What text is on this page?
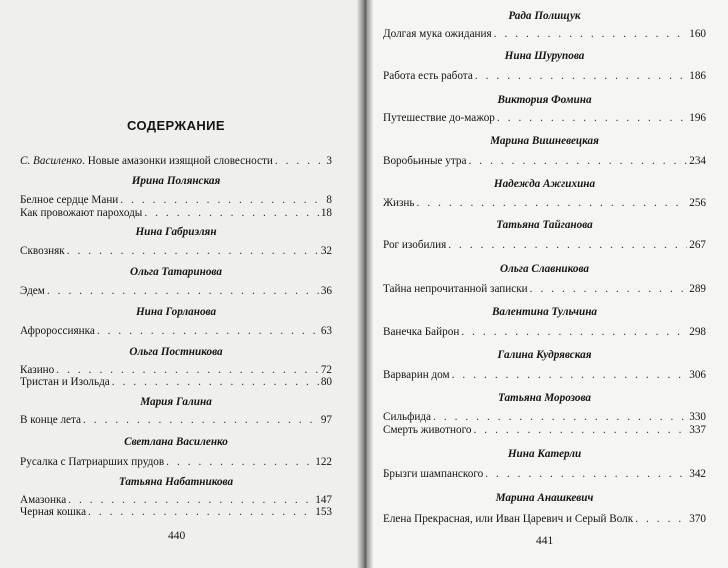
СОДЕРЖАНИЕ
С. Василенко. Новые амазонки изящной словесности . . .	3
Ирина Полянская
Белное сердце Мани . . .	8
Как провожают пароходы . . .	18
Нина Габриэлян
Сквозняк . . .	32
Ольга Татаринова
Эдем . . .	36
Нина Горланова
Афророссиянка . . .	63
Ольга Постникова
Казино . . .	72
Тристан и Изольда . . .	80
Мария Галина
В конце лета . . .	97
Светлана Василенко
Русалка с Патриарших прудов . . .	122
Татьяна Набатникова
Амазонка . . .	147
Черная кошка . . .	153
440
Рада Полищук
Долгая мука ожидания . . .	160
Нина Шурупова
Работа есть работа . . .	186
Виктория Фомина
Путешествие до-мажор . . .	196
Марина Вишневецкая
Воробьиные утра . . .	234
Надежда Ажгихина
Жизнь . . .	256
Татьяна Тайганова
Рог изобилия . . .	267
Ольга Славникова
Тайна непрочитанной записки . . .	289
Валентина Тульчина
Ванечка Байрон . . .	298
Галина Кудрявская
Варварин дом . . .	306
Татьяна Морозова
Сильфида . . .	330
Смерть животного . . .	337
Нина Катерли
Брызги шампанского . . .	342
Марина Анашкевич
Елена Прекрасная, или Иван Царевич и Серый Волк . . .	370
441
